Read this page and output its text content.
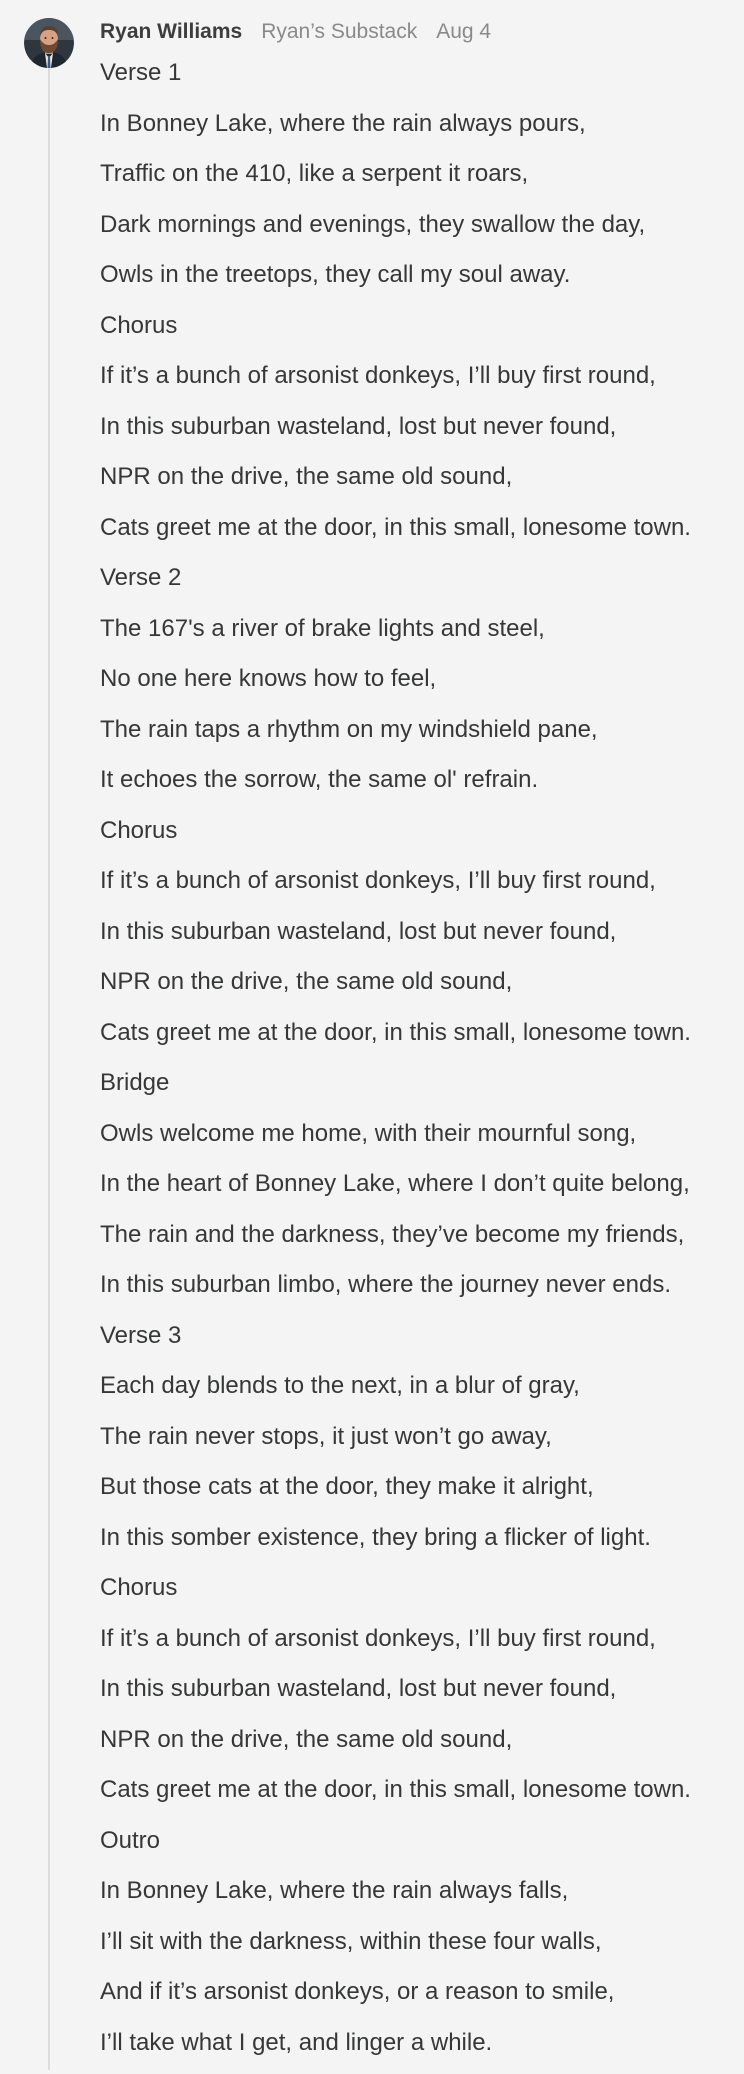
Ryan Williams Ryan’s Substack Aug 4
Verse 1
In Bonney Lake, where the rain always pours,
Traffic on the 410, like a serpent it roars,
Dark mornings and evenings, they swallow the day,
Owls in the treetops, they call my soul away.
Chorus
If it’s a bunch of arsonist donkeys, I’ll buy first round,
In this suburban wasteland, lost but never found,
NPR on the drive, the same old sound,
Cats greet me at the door, in this small, lonesome town.
Verse 2
The 167's a river of brake lights and steel,
No one here knows how to feel,
The rain taps a rhythm on my windshield pane,
It echoes the sorrow, the same ol' refrain.
Chorus
If it’s a bunch of arsonist donkeys, I’ll buy first round,
In this suburban wasteland, lost but never found,
NPR on the drive, the same old sound,
Cats greet me at the door, in this small, lonesome town.
Bridge
Owls welcome me home, with their mournful song,
In the heart of Bonney Lake, where I don’t quite belong,
The rain and the darkness, they’ve become my friends,
In this suburban limbo, where the journey never ends.
Verse 3
Each day blends to the next, in a blur of gray,
The rain never stops, it just won’t go away,
But those cats at the door, they make it alright,
In this somber existence, they bring a flicker of light.
Chorus
If it’s a bunch of arsonist donkeys, I’ll buy first round,
In this suburban wasteland, lost but never found,
NPR on the drive, the same old sound,
Cats greet me at the door, in this small, lonesome town.
Outro
In Bonney Lake, where the rain always falls,
I’ll sit with the darkness, within these four walls,
And if it’s arsonist donkeys, or a reason to smile,
I’ll take what I get, and linger a while.
